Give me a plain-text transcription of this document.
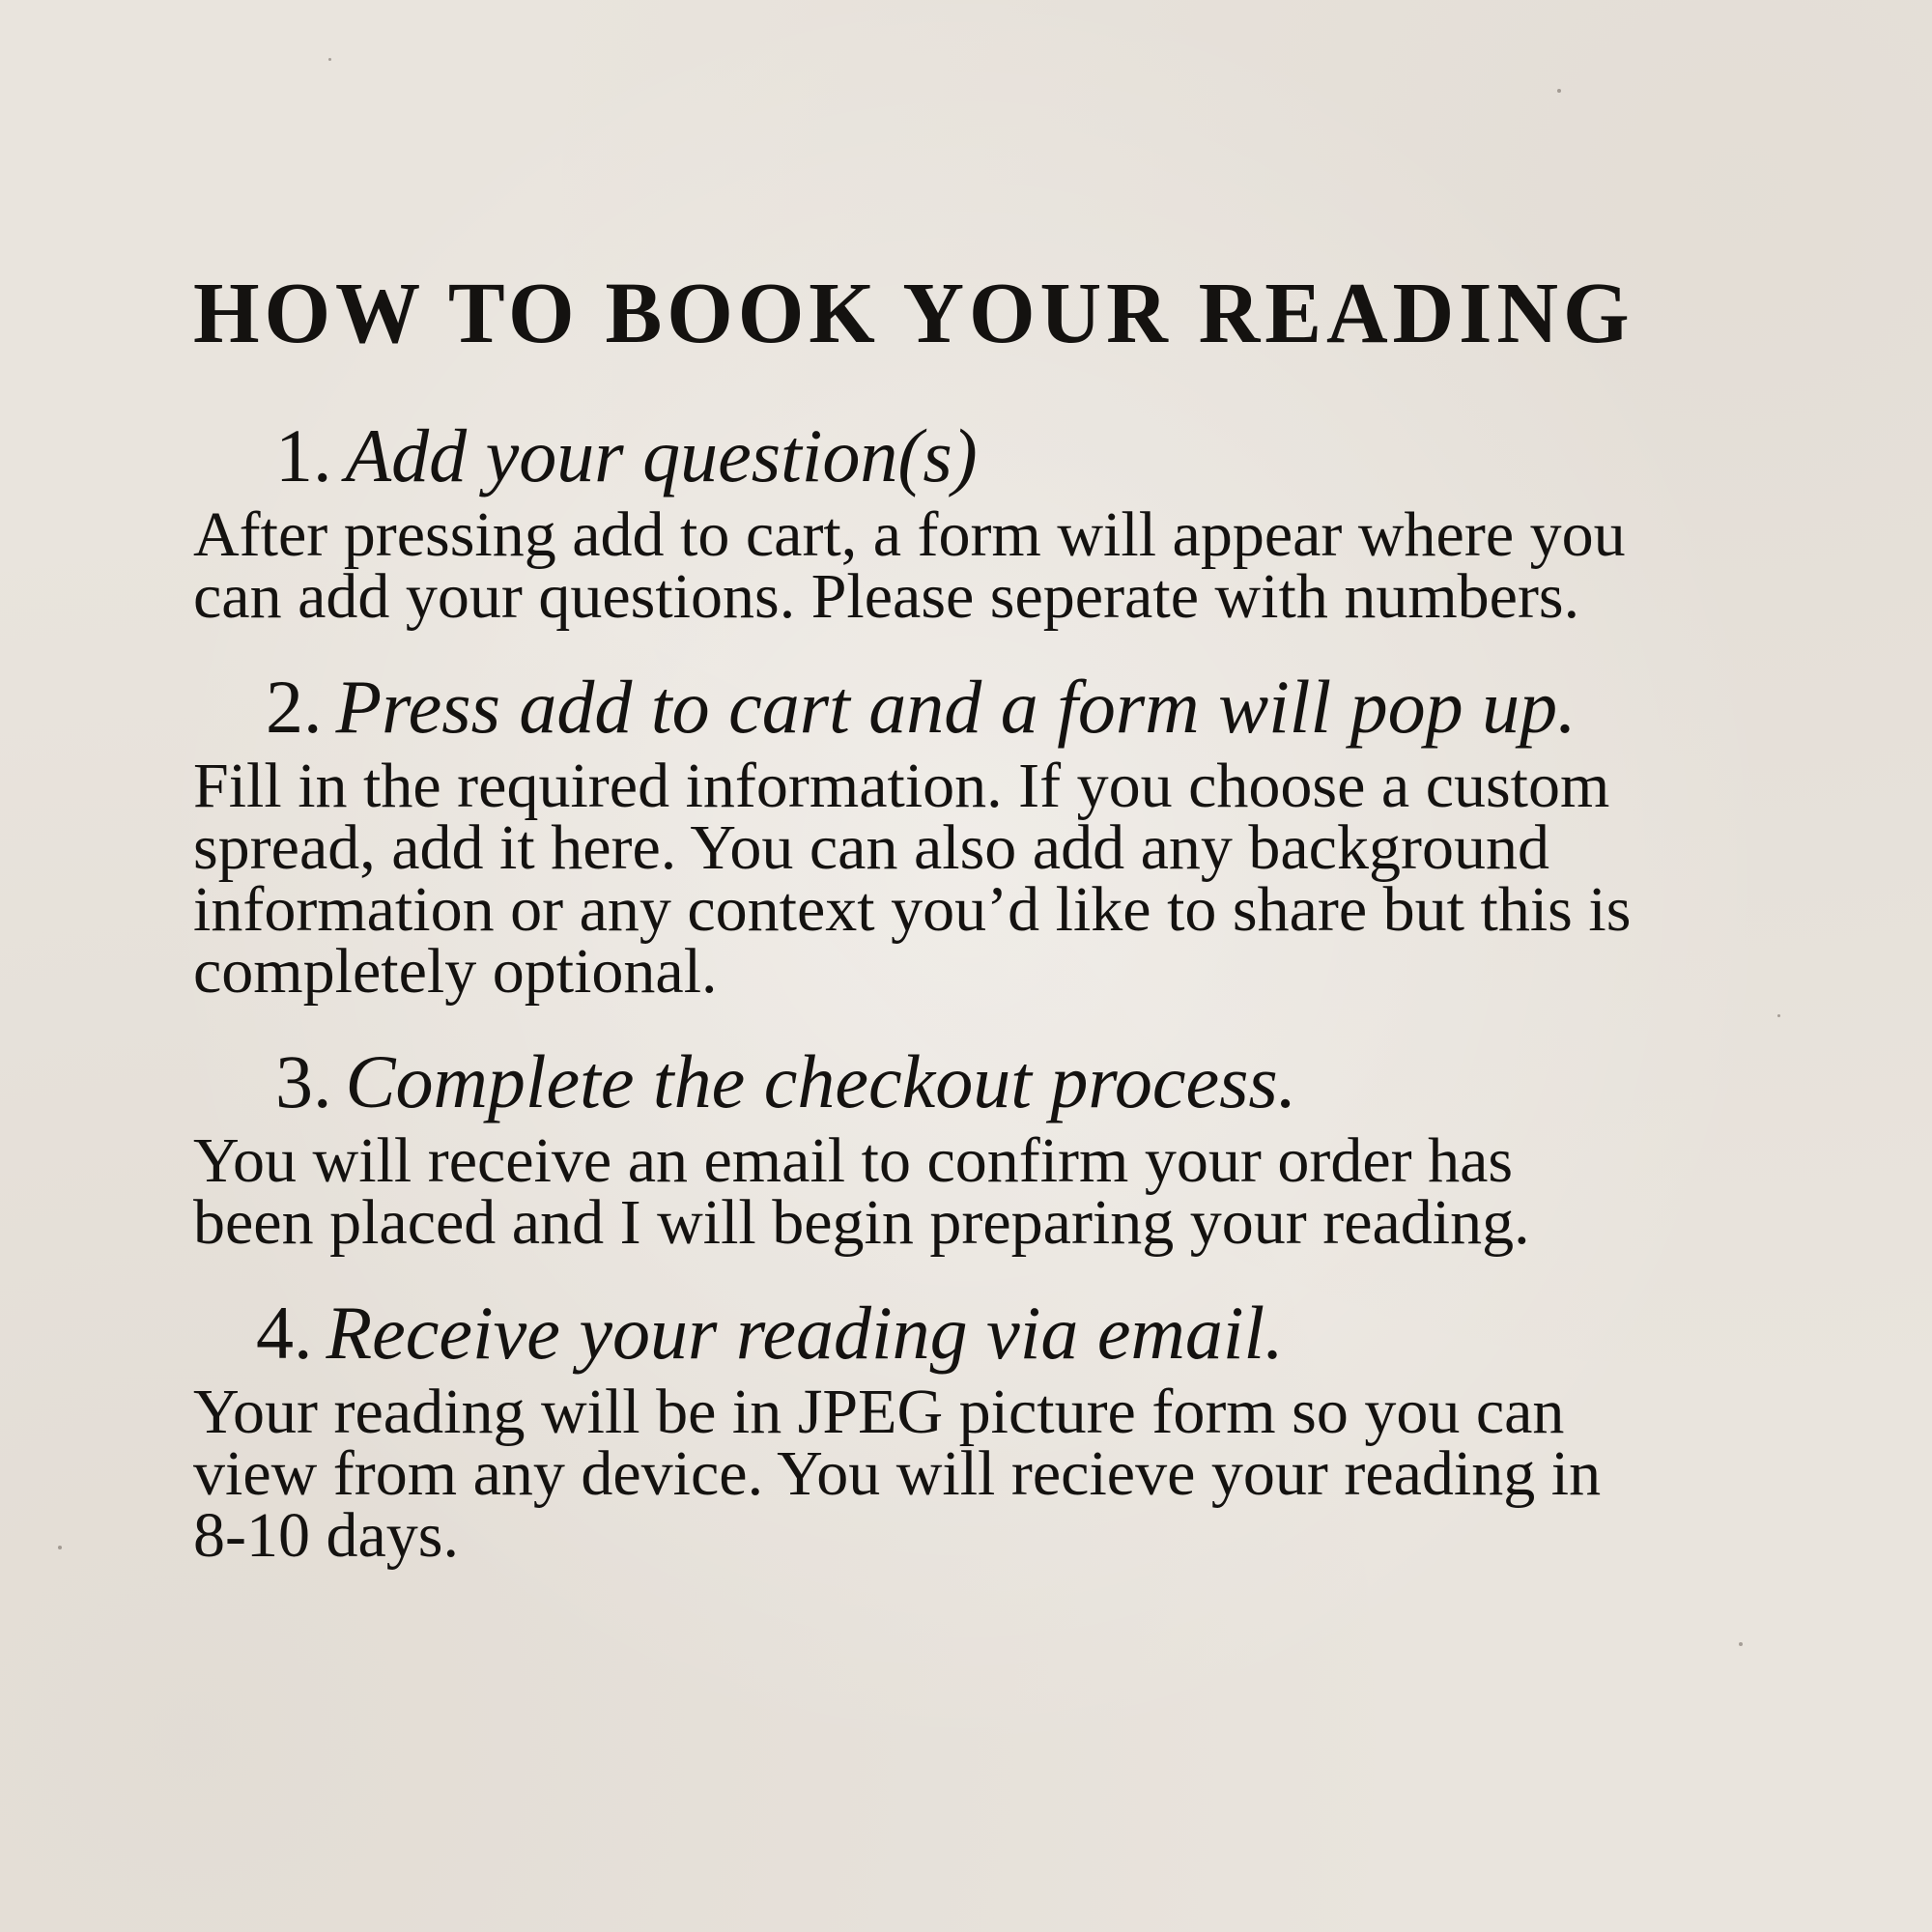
HOW TO BOOK YOUR READING
1. Add your question(s)

After pressing add to cart, a form will appear where you
can add your questions. Please seperate with numbers.

2. Press add to cart and a form will pop up.

Fill in the required information. If you choose a custom
spread, add it here. You can also add any background
information or any context you’d like to share but this is
completely optional.

3. Complete the checkout process.

You will receive an email to confirm your order has
been placed and I will begin preparing your reading.

4. Receive your reading via email.

Your reading will be in JPEG picture form so you can
view from any device. You will recieve your reading in
8-10 days.
